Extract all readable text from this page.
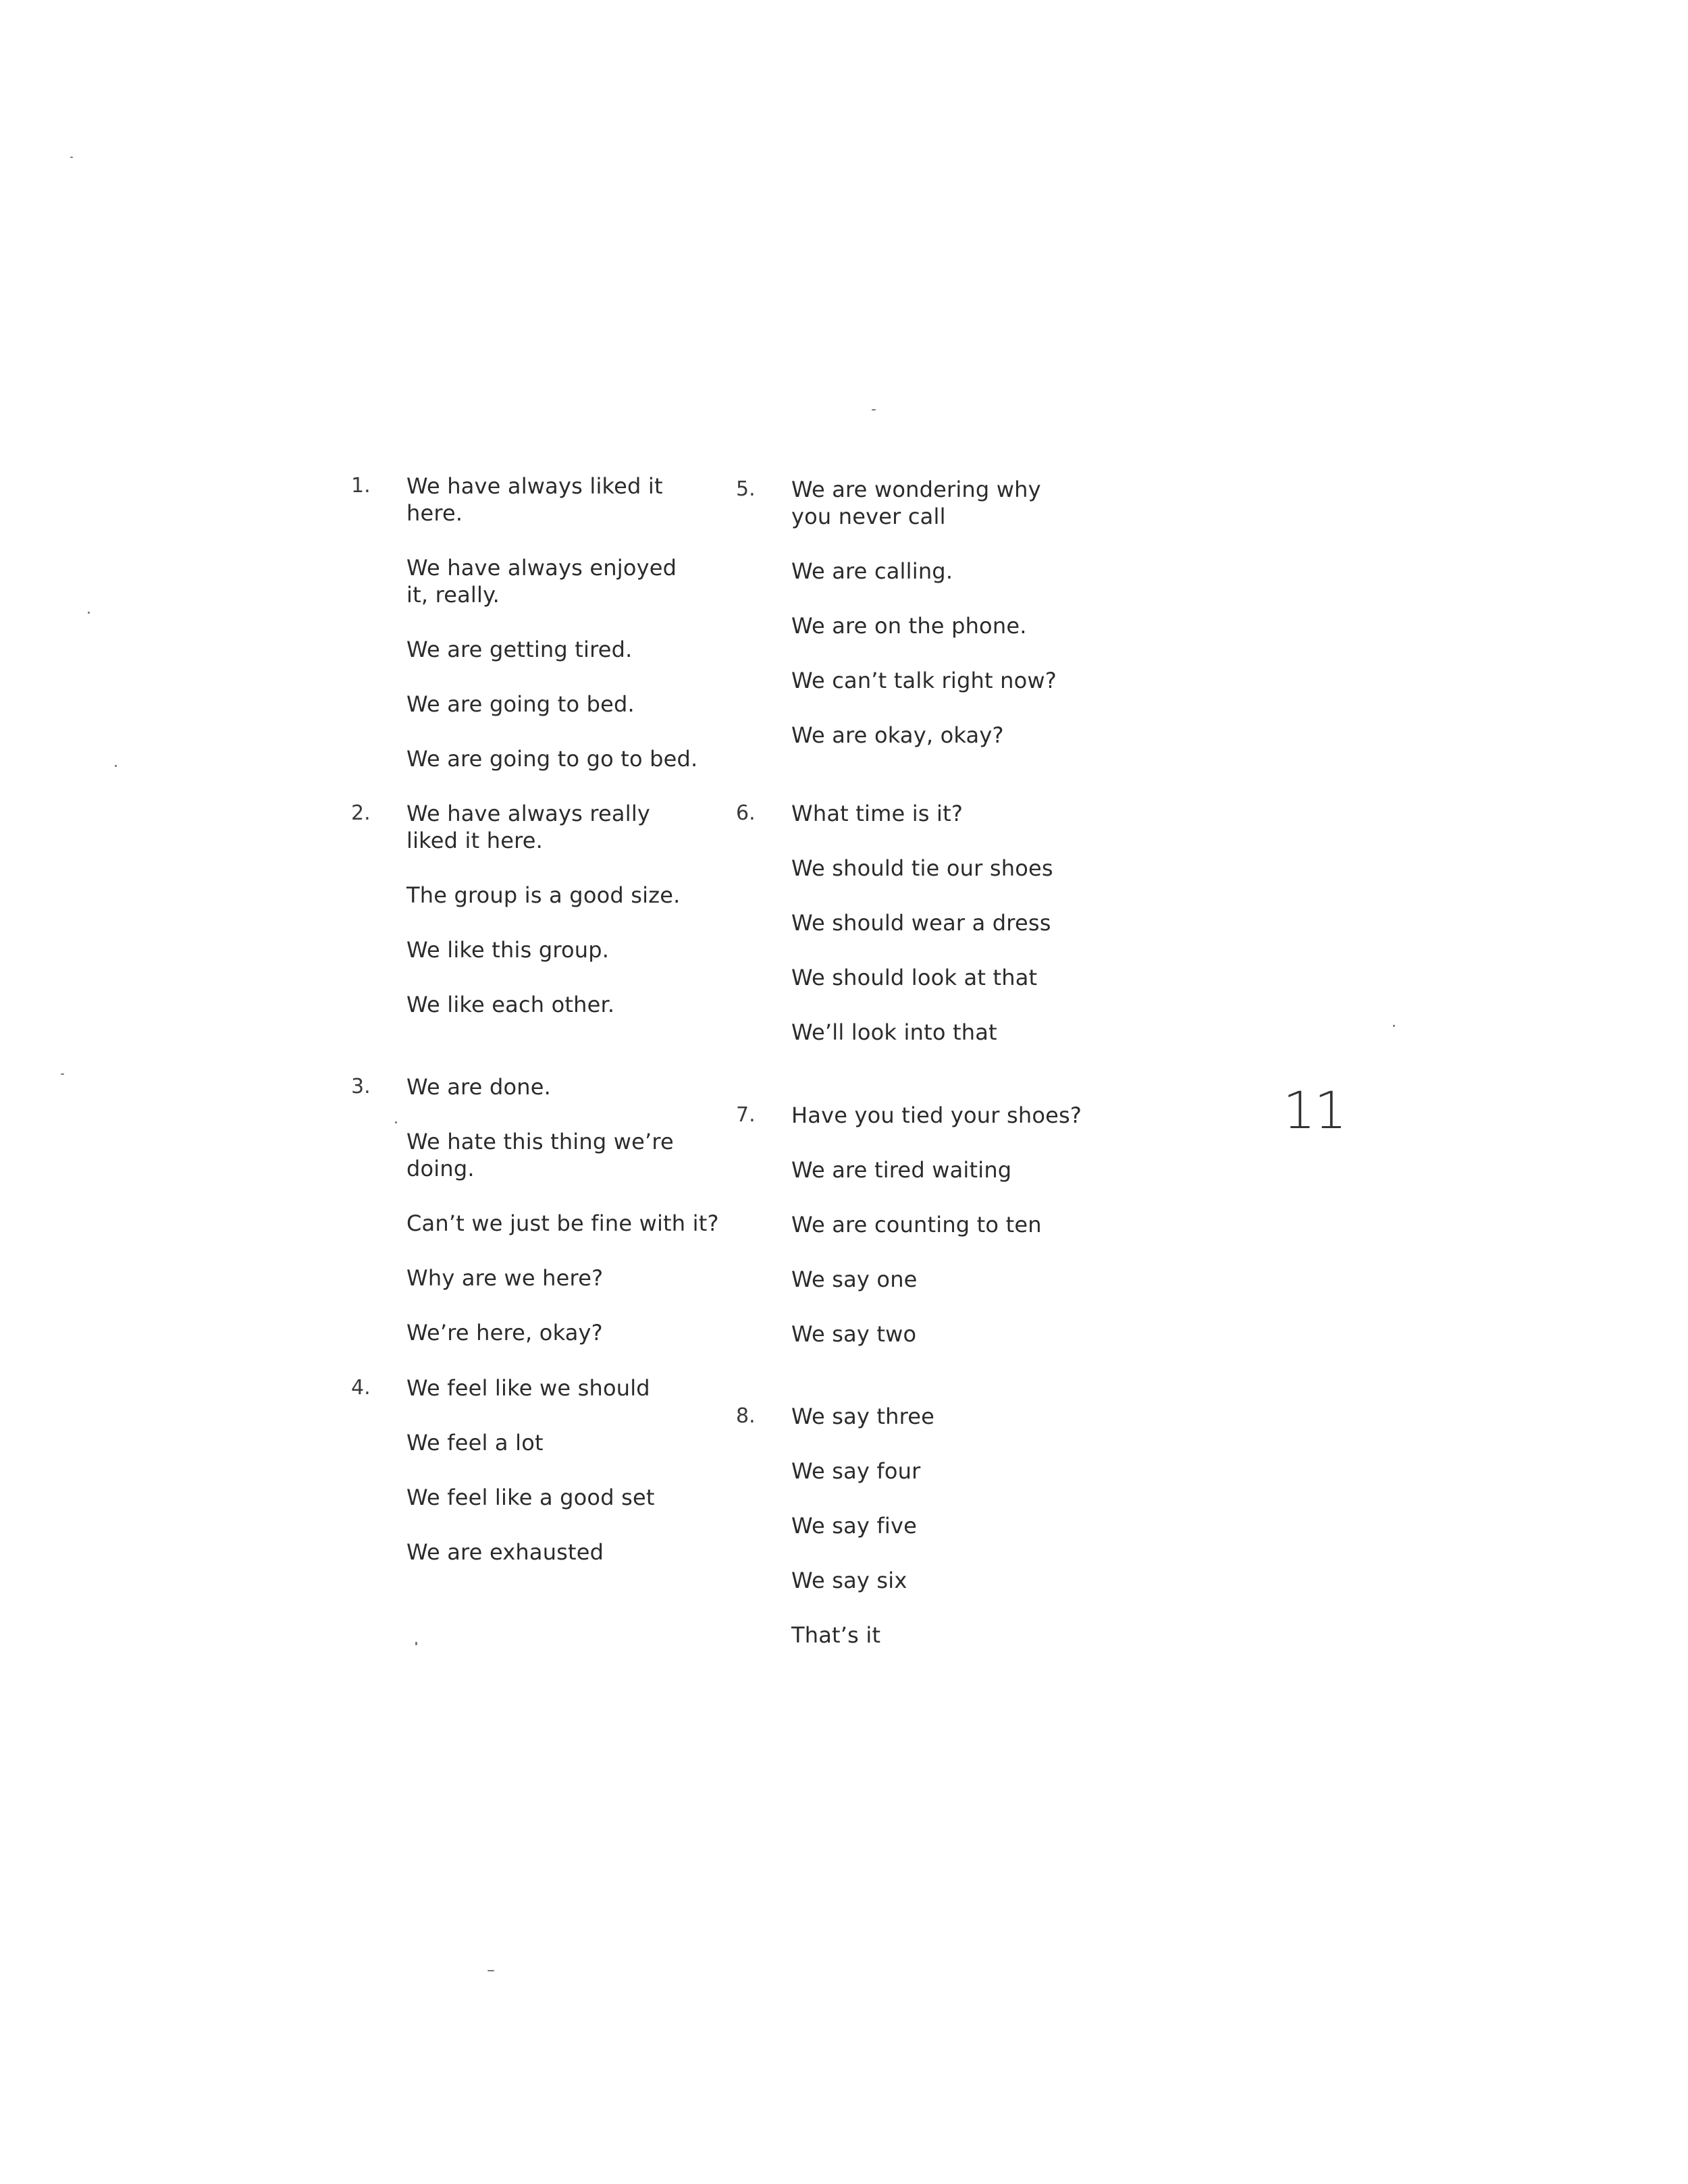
1.	We have always liked it here.
We have always enjoyed it, really.
We are getting tired.
We are going to bed.
We are going to go to bed.
2.	We have always really liked it here.
The group is a good size.
We like this group.
We like each other.
3.	We are done.
We hate this thing we’re doing.
Can’t we just be fine with it?
Why are we here?
We’re here, okay?
4.	We feel like we should
We feel a lot
We feel like a good set
We are exhausted
5.	We are wondering why you never call
We are calling.
We are on the phone.
We can’t talk right now?
We are okay, okay?
6.	What time is it?
We should tie our shoes
We should wear a dress
We should look at that
We’ll look into that
7.	Have you tied your shoes?
We are tired waiting
We are counting to ten
We say one
We say two
8.	We say three
We say four
We say five
We say six
That’s it
11
